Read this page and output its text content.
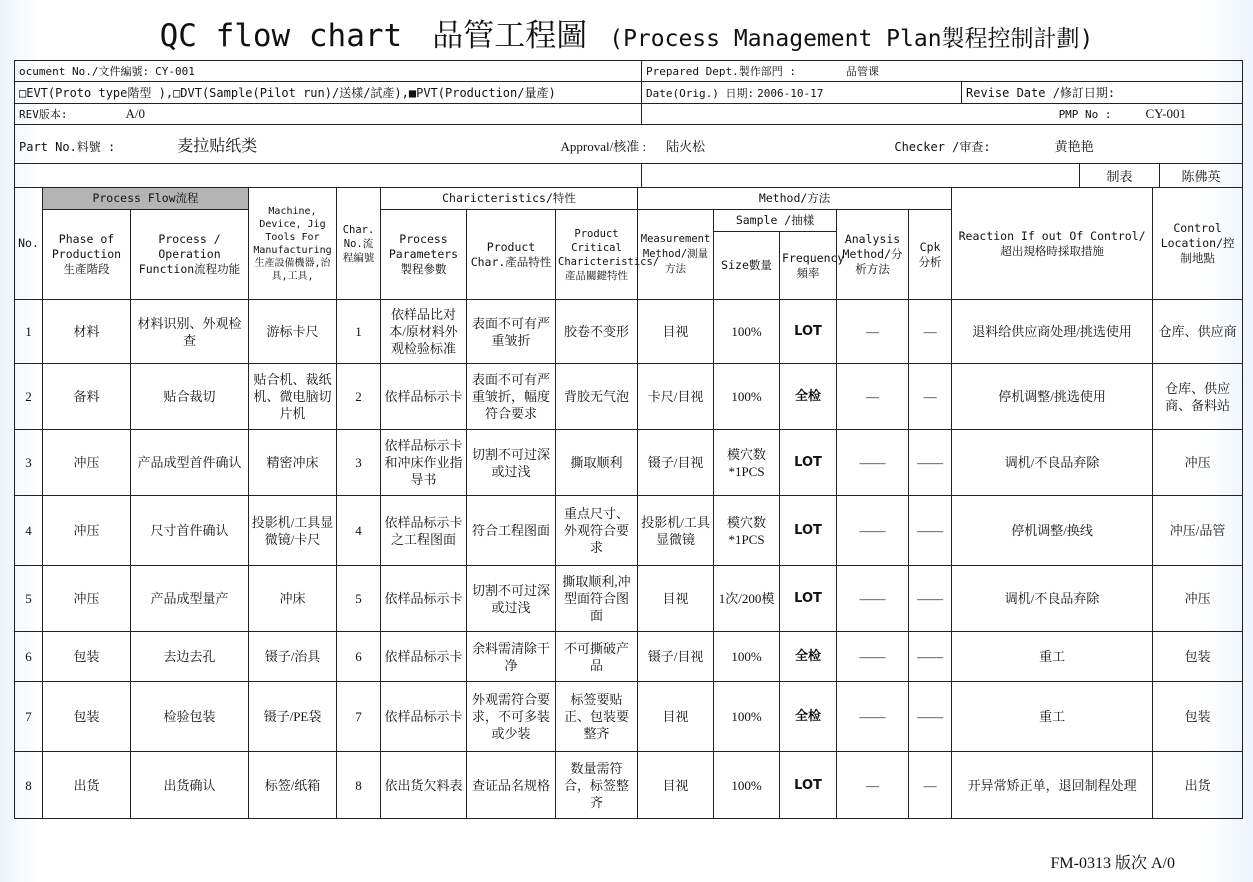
QC flow chart 品管工程圖 (Process Management Plan製程控制計劃)
ocument No./文件編號: CY-001	Prepared Dept.製作部門 : 品管课	
□EVT(Proto type階型 ),□DVT(Sample(Pilot run)/送樣/試產),■PVT(Production/量產)	Date(Orig.) 日期: 2006-10-17	Revise Date /修訂日期:
REV版本: A/0	PMP No : CY-001	
Part No.料號 :	麦拉贴纸类	Approval/核准 : 陆火松	Checker /审查:	黄艳艳
		制表	陈佛英
No.	Process Flow流程		Machine, Device, Jig Tools For Manufacturing 生產設備機器,治具,工具,	Char. No.流程編號	Charicteristics/特性			Method/方法					Reaction If out Of Control/超出規格時採取措施	Control Location/控制地點
	Phase of Production 生產階段	Process / Operation Function流程功能			Process Parameters 製程參數	Product Char.產品特性	Product Critical Charicteristics/產品關鍵特性	Measurement Method/測量方法	Sample /抽樣		Analysis Method/分析方法	Cpk 分析		
									Size數量	Frequency頻率				
1	材料	材料识别、外观检查	游标卡尺	1	依样品比对本/原材料外观检验标准	表面不可有严重皱折	胶卷不变形	目视	100%	LOT	—	—	退料给供应商处理/挑选使用	仓库、供应商
2	备料	贴合裁切	贴合机、裁纸机、微电脑切片机	2	依样品标示卡	表面不可有严重皱折，幅度符合要求	背胶无气泡	卡尺/目视	100%	全检	—	—	停机调整/挑选使用	仓库、供应商、备料站
3	冲压	产品成型首件确认	精密冲床	3	依样品标示卡和冲床作业指导书	切割不可过深或过浅	撕取顺利	镊子/目视	模穴数*1PCS	LOT	——	——	调机/不良品弃除	冲压
4	冲压	尺寸首件确认	投影机/工具显微镜/卡尺	4	依样品标示卡之工程图面	符合工程图面	重点尺寸、外观符合要求	投影机/工具显微镜	模穴数*1PCS	LOT	——	——	停机调整/换线	冲压/品管
5	冲压	产品成型量产	冲床	5	依样品标示卡	切割不可过深或过浅	撕取顺利,冲型面符合图面	目视	1次/200模	LOT	——	——	调机/不良品弃除	冲压
6	包装	去边去孔	镊子/治具	6	依样品标示卡	余料需清除干净	不可撕破产品	镊子/目视	100%	全检	——	——	重工	包装
7	包装	检验包装	镊子/PE袋	7	依样品标示卡	外观需符合要求，不可多装或少装	标签要贴正、包装要整齐	目视	100%	全检	——	——	重工	包装
8	出货	出货确认	标签/纸箱	8	依出货欠料表	查证品名规格	数量需符合，标签整齐	目视	100%	LOT	—	—	开异常矫正单，退回制程处理	出货
FM-0313 版次 A/0
